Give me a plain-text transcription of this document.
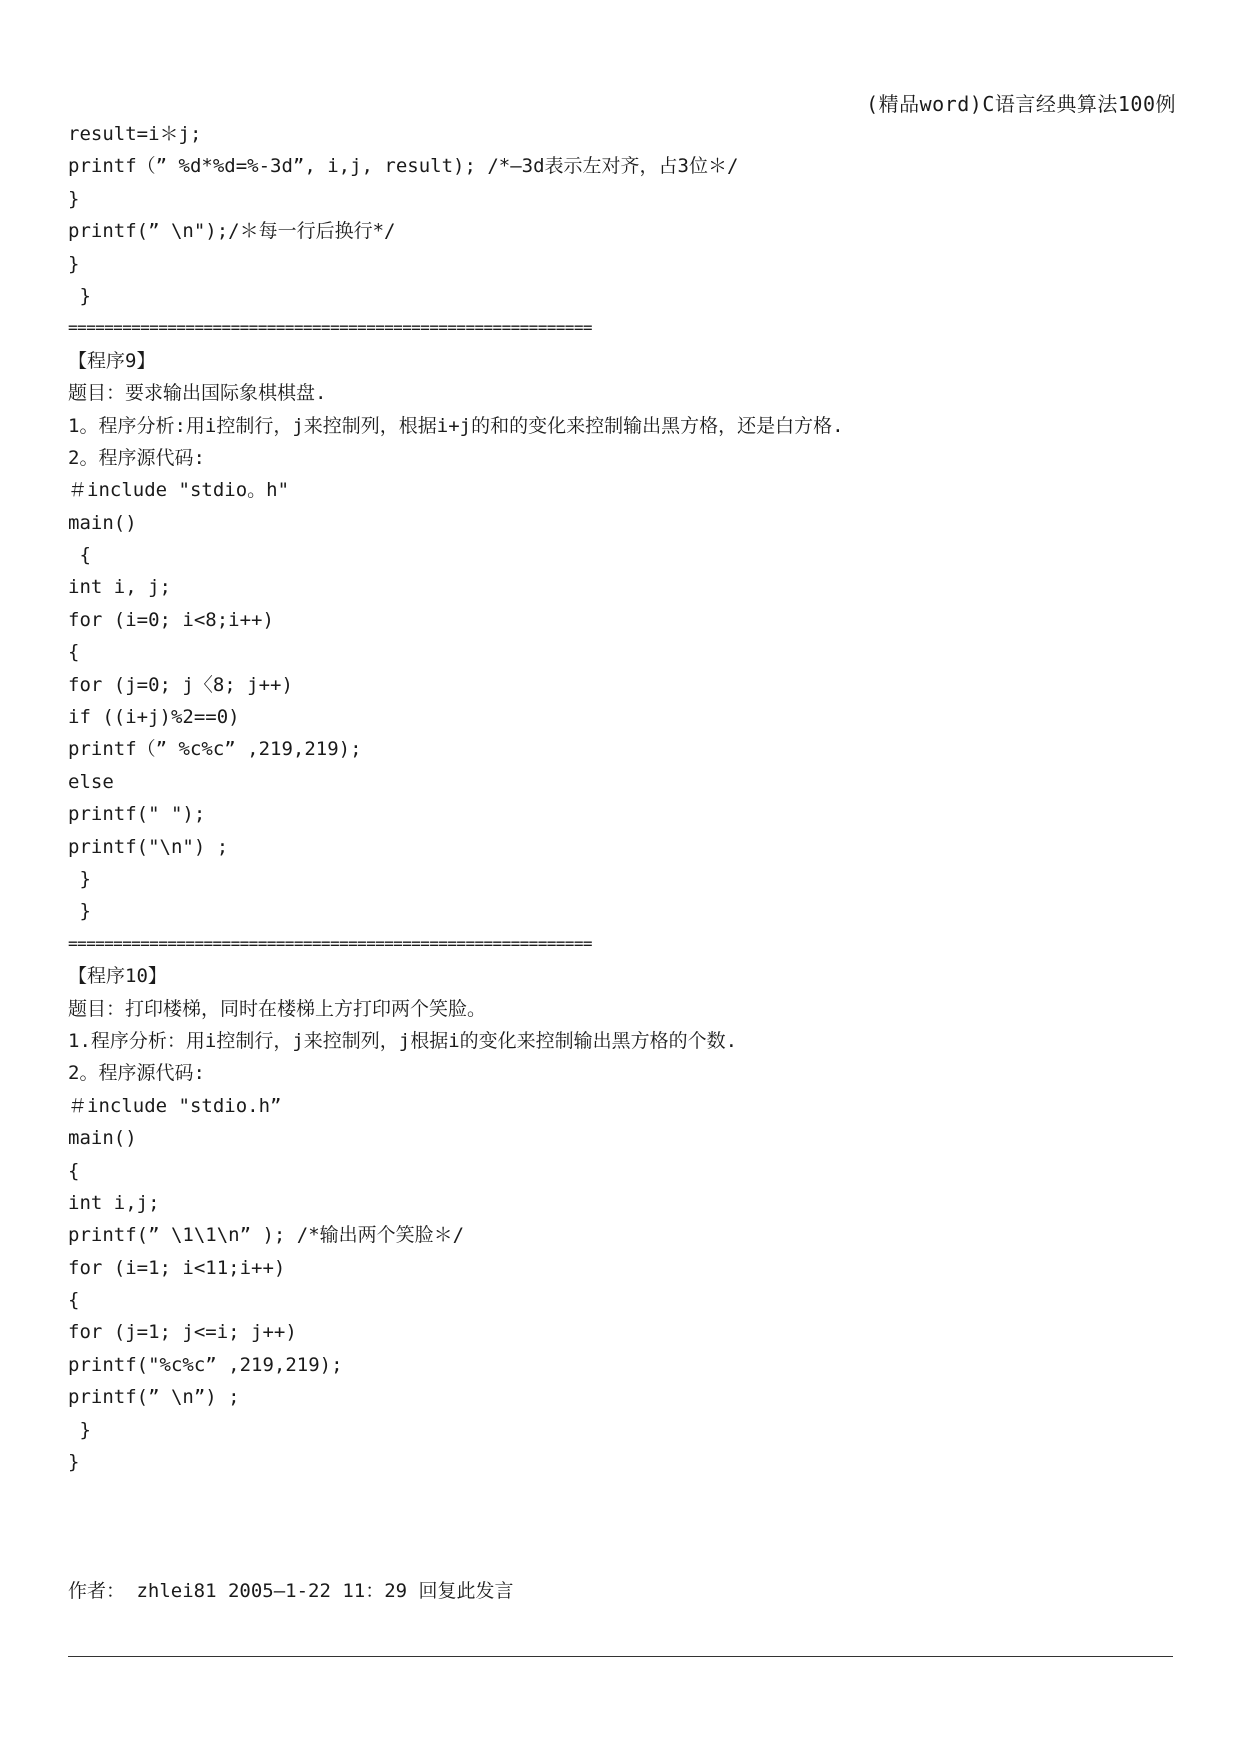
(精品word)C语言经典算法100例
result=i＊j;
printf（” %d*%d=%-3d”, i,j, result); /*—3d表示左对齐，占3位＊/
}
printf(” \n");/＊每一行后换行*/
}
}
==========================================================
【程序9】
题目：要求输出国际象棋棋盘.
1。程序分析:用i控制行，j来控制列，根据i+j的和的变化来控制输出黑方格，还是白方格.
2。程序源代码:
＃include "stdio。h"
main()
{
int i, j;
for (i=0; i<8;i++)
{
for (j=0; j〈8; j++)
if ((i+j)%2==0)
printf（” %c%c” ,219,219);
else
printf(" ");
printf("\n") ;
}
}
==========================================================
【程序10】
题目：打印楼梯，同时在楼梯上方打印两个笑脸。
1.程序分析：用i控制行，j来控制列，j根据i的变化来控制输出黑方格的个数.
2。程序源代码:
＃include "stdio.h”
main()
{
int i,j;
printf(” \1\1\n” ); /*输出两个笑脸＊/
for (i=1; i<11;i++)
{
for (j=1; j<=i; j++)
printf("%c%c” ,219,219);
printf(” \n”) ;
}
}
作者： zhlei81 2005—1-22 11：29 回复此发言
